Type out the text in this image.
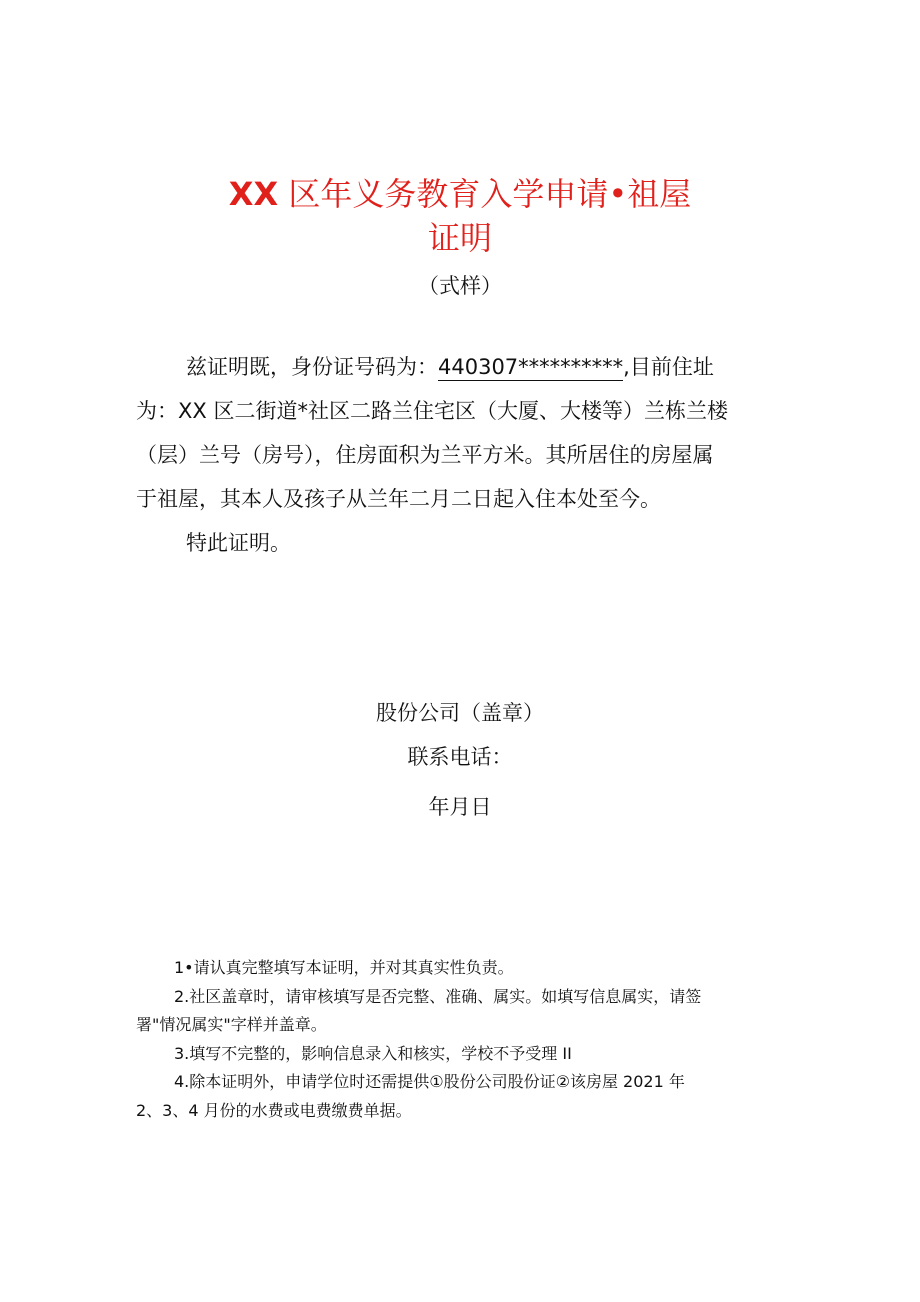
XX 区年义务教育入学申请•祖屋
证明
（式样）
兹证明既，身份证号码为：440307**********,目前住址
为：XX 区二街道*社区二路兰住宅区（大厦、大楼等）兰栋兰楼
（层）兰号（房号），住房面积为兰平方米。其所居住的房屋属
于祖屋，其本人及孩子从兰年二月二日起入住本处至今。
特此证明。
股份公司（盖章）
联系电话：
年月日
1•请认真完整填写本证明，并对其真实性负责。
2.社区盖章时，请审核填写是否完整、准确、属实。如填写信息属实，请签
署"情况属实"字样并盖章。
3.填写不完整的，影响信息录入和核实，学校不予受理 II
4.除本证明外，申请学位时还需提供①股份公司股份证②该房屋 2021 年
2、3、4 月份的水费或电费缴费单据。
